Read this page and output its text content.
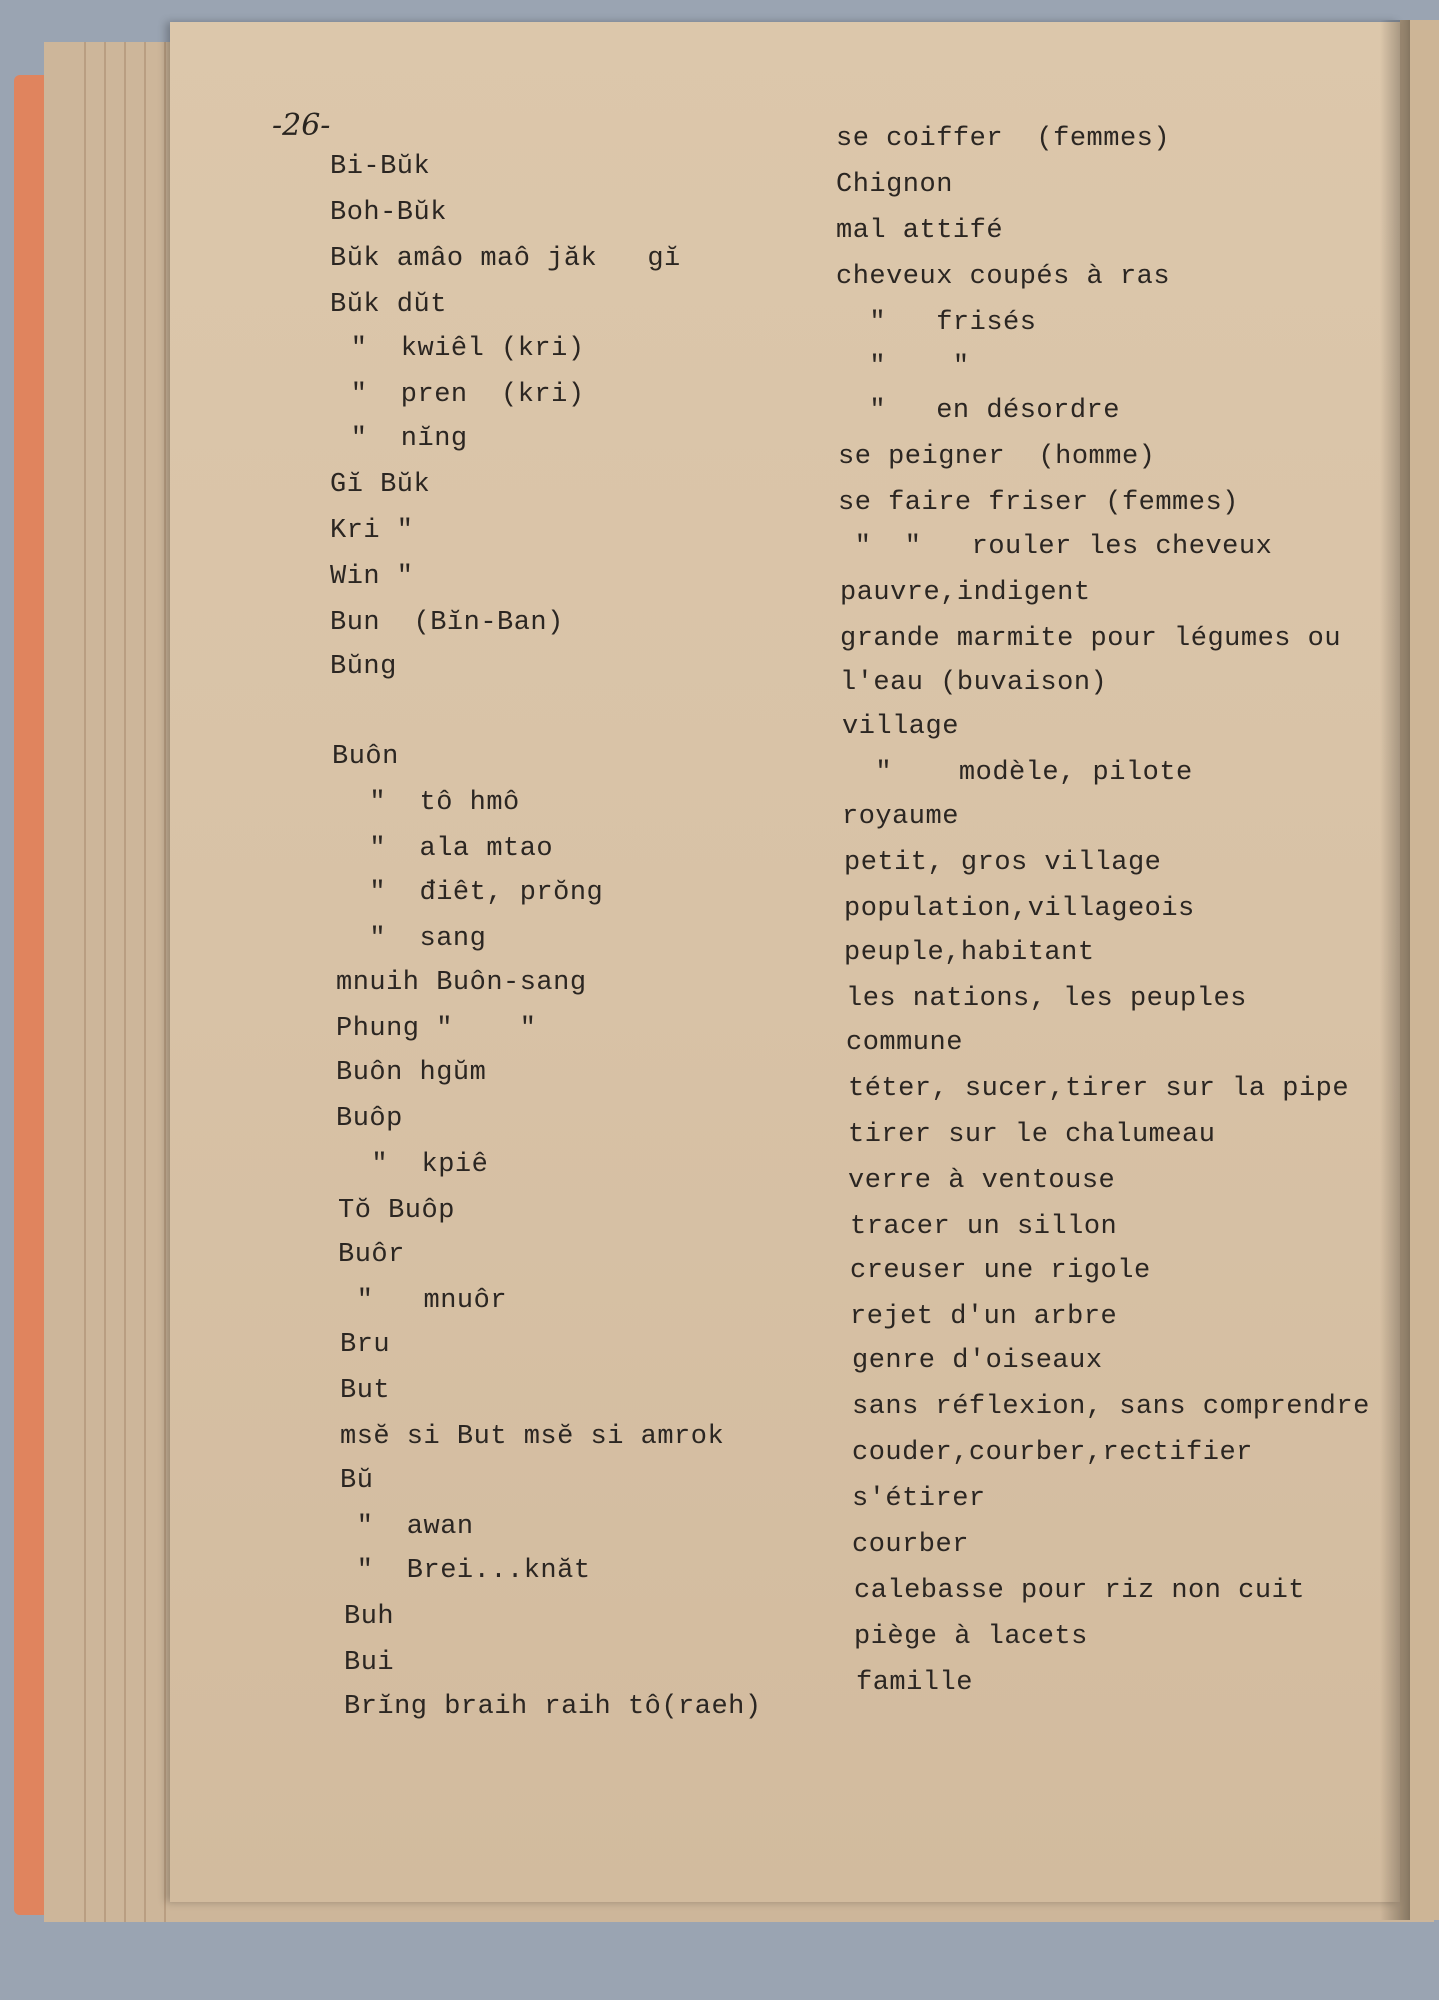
-26-
Bi-Bŭk
se coiffer  (femmes)
Boh-Bŭk
Chignon
Bŭk amâo maô jăk   gĭ
mal attifé
Bŭk dŭt
cheveux coupés à ras
"  kwiêl (kri)
"   frisés
"  pren  (kri)
"    "
"  nĭng
"   en désordre
Gĭ Bŭk
se peigner  (homme)
Kri "
se faire friser (femmes)
Win "
"  "   rouler les cheveux
Bun  (Bĭn-Ban)
pauvre,indigent
Bŭng
grande marmite pour légumes ou
l'eau (buvaison)
Buôn
village
"  tô hmô
"    modèle, pilote
"  ala mtao
royaume
"  điêt, prŏng
petit, gros village
"  sang
population,villageois
mnuih Buôn-sang
peuple,habitant
Phung "    "
les nations, les peuples
Buôn hgŭm
commune
Buôp
téter, sucer,tirer sur la pipe
"  kpiê
tirer sur le chalumeau
Tŏ Buôp
verre à ventouse
Buôr
tracer un sillon
"   mnuôr
creuser une rigole
Bru
rejet d'un arbre
But
genre d'oiseaux
msĕ si But msĕ si amrok
sans réflexion, sans comprendre
Bŭ
couder,courber,rectifier
"  awan
s'étirer
"  Brei...knăt
courber
Buh
calebasse pour riz non cuit
Bui
piège à lacets
Brĭng braih raih tô(raeh)
famille
